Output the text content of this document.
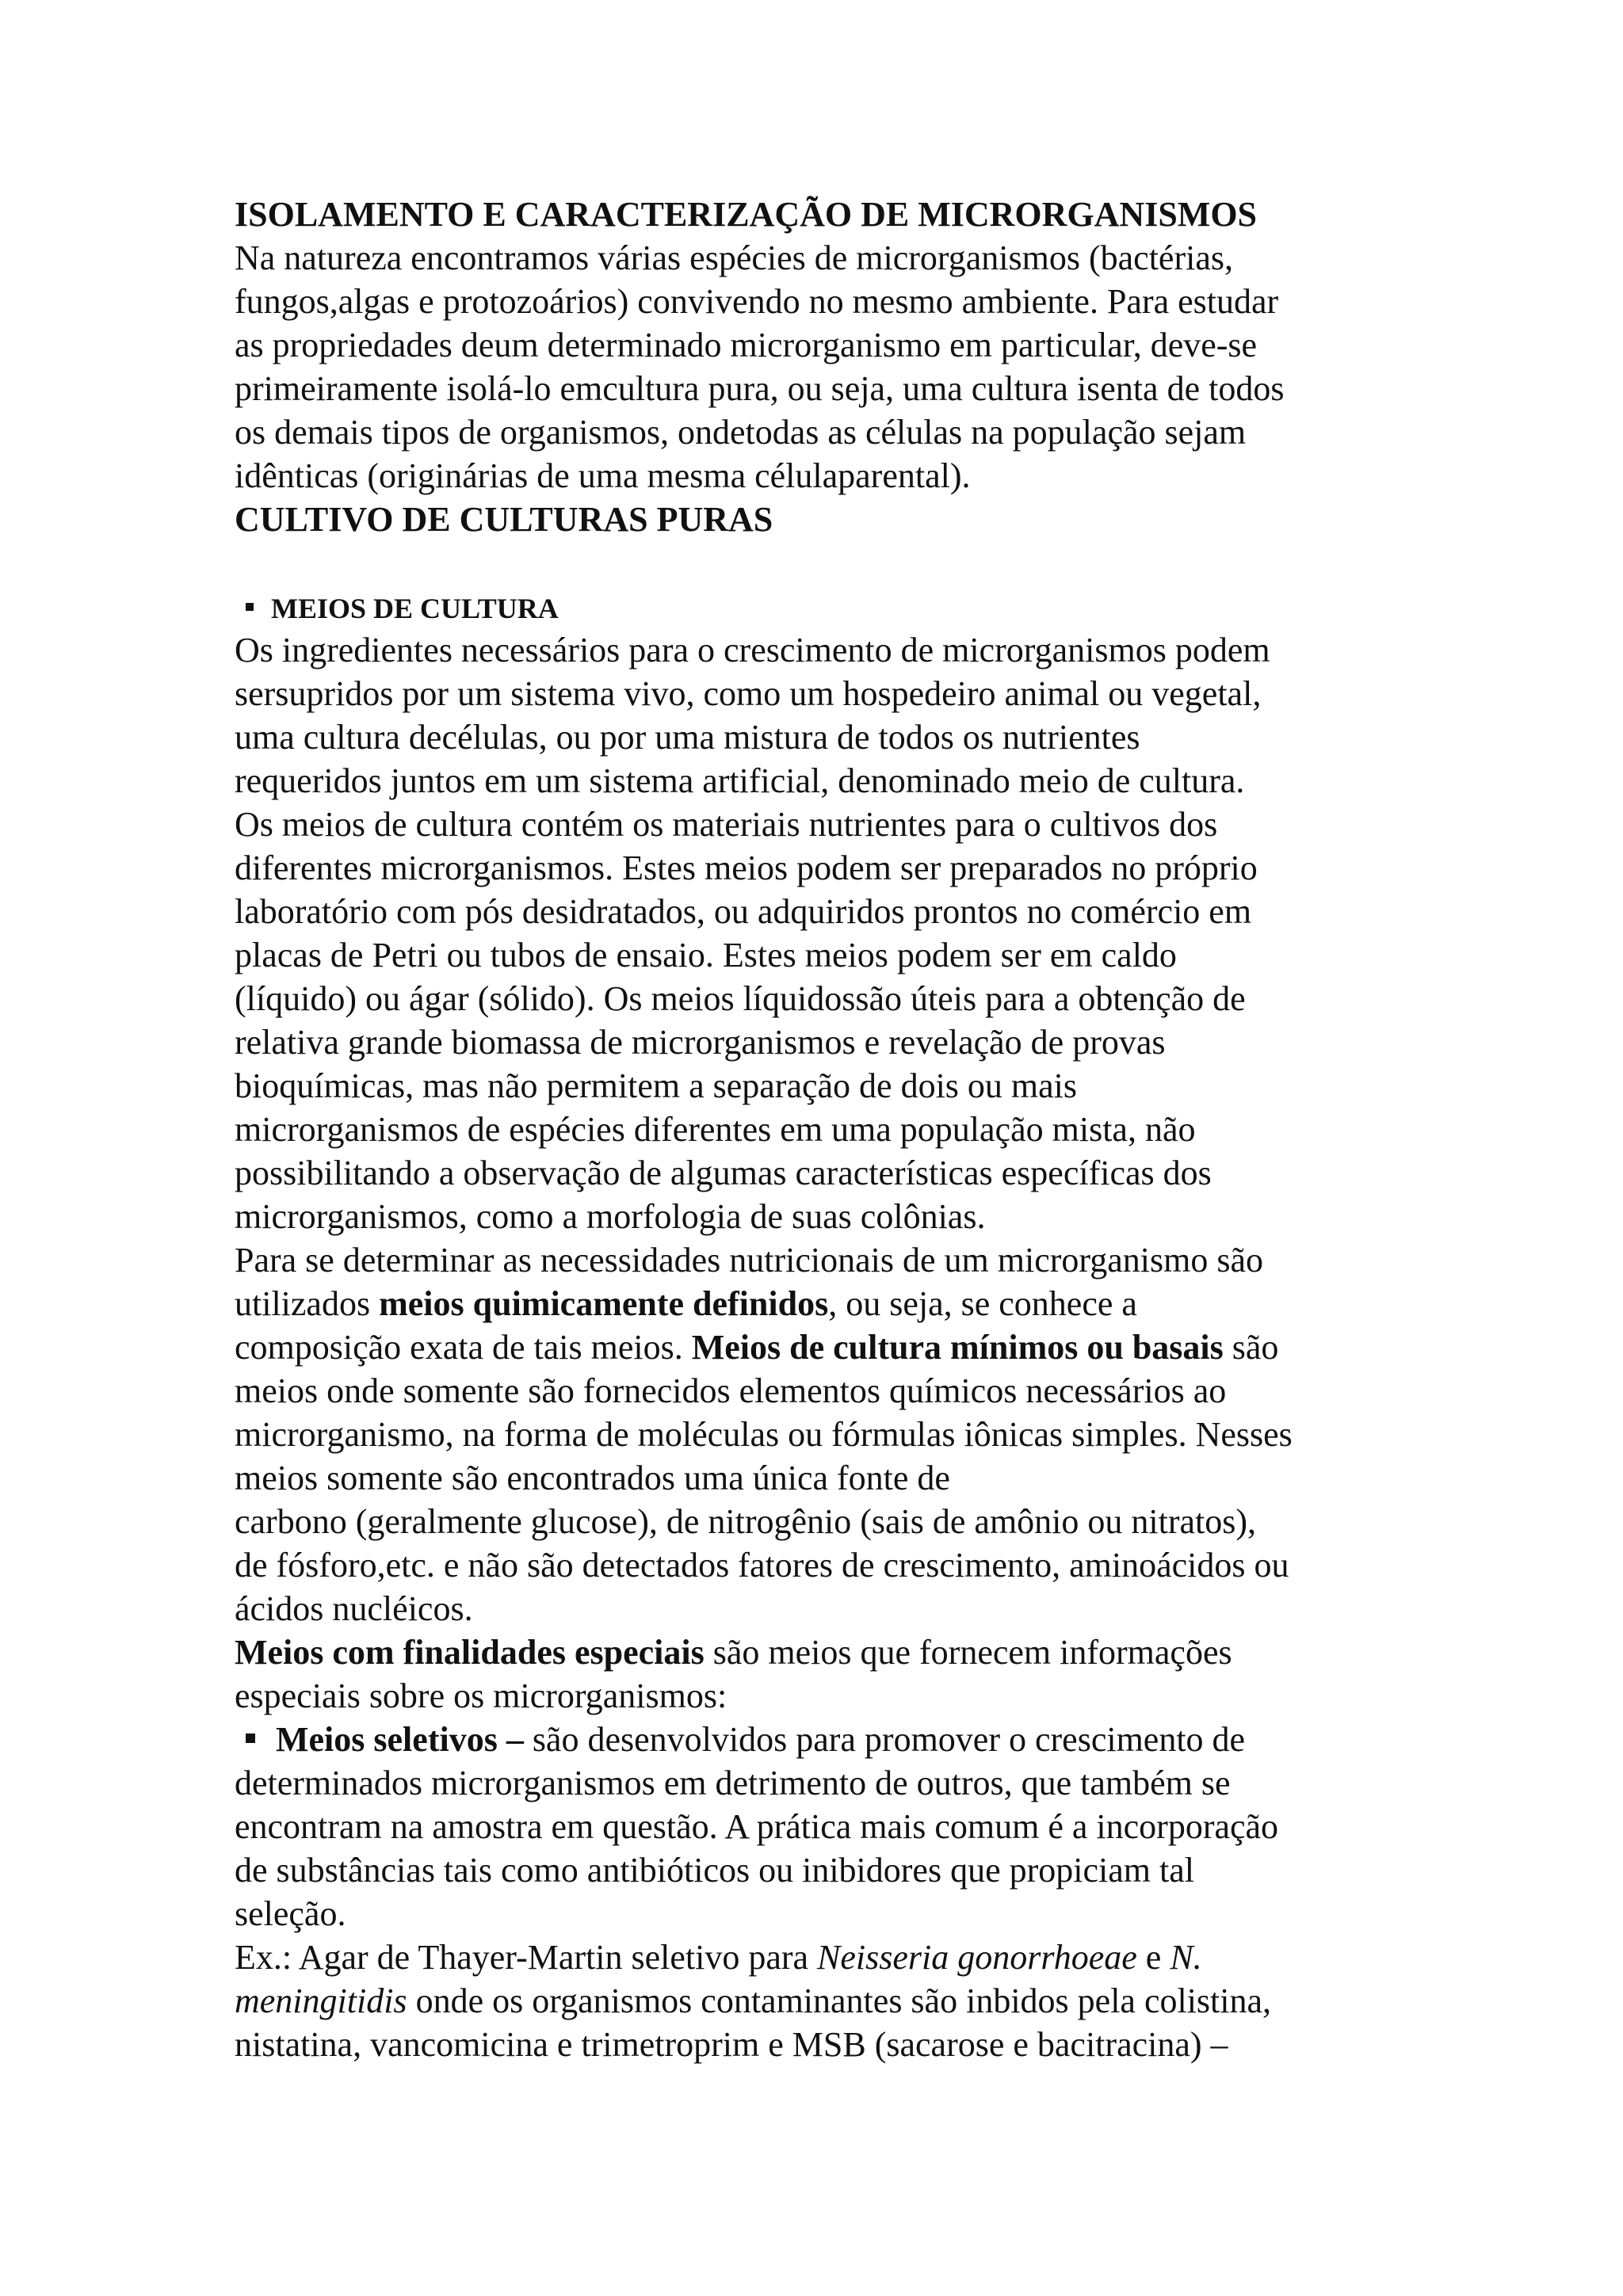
ISOLAMENTO E CARACTERIZAÇÃO DE MICRORGANISMOS
Na natureza encontramos várias espécies de microrganismos (bactérias,
fungos,algas e protozoários) convivendo no mesmo ambiente. Para estudar
as propriedades deum determinado microrganismo em particular, deve-se
primeiramente isolá-lo emcultura pura, ou seja, uma cultura isenta de todos
os demais tipos de organismos, ondetodas as células na população sejam
idênticas (originárias de uma mesma célulaparental).
CULTIVO DE CULTURAS PURAS
MEIOS DE CULTURA
Os ingredientes necessários para o crescimento de microrganismos podem
sersupridos por um sistema vivo, como um hospedeiro animal ou vegetal,
uma cultura decélulas, ou por uma mistura de todos os nutrientes
requeridos juntos em um sistema artificial, denominado meio de cultura.
Os meios de cultura contém os materiais nutrientes para o cultivos dos
diferentes microrganismos. Estes meios podem ser preparados no próprio
laboratório com pós desidratados, ou adquiridos prontos no comércio em
placas de Petri ou tubos de ensaio. Estes meios podem ser em caldo
(líquido) ou ágar (sólido). Os meios líquidossão úteis para a obtenção de
relativa grande biomassa de microrganismos e revelação de provas
bioquímicas, mas não permitem a separação de dois ou mais
microrganismos de espécies diferentes em uma população mista, não
possibilitando a observação de algumas características específicas dos
microrganismos, como a morfologia de suas colônias.
Para se determinar as necessidades nutricionais de um microrganismo são
utilizados meios quimicamente definidos, ou seja, se conhece a
composição exata de tais meios. Meios de cultura mínimos ou basais são
meios onde somente são fornecidos elementos químicos necessários ao
microrganismo, na forma de moléculas ou fórmulas iônicas simples. Nesses
meios somente são encontrados uma única fonte de
carbono (geralmente glucose), de nitrogênio (sais de amônio ou nitratos),
de fósforo,etc. e não são detectados fatores de crescimento, aminoácidos ou
ácidos nucléicos.
Meios com finalidades especiais são meios que fornecem informações
especiais sobre os microrganismos:
Meios seletivos – são desenvolvidos para promover o crescimento de
determinados microrganismos em detrimento de outros, que também se
encontram na amostra em questão. A prática mais comum é a incorporação
de substâncias tais como antibióticos ou inibidores que propiciam tal
seleção.
Ex.: Agar de Thayer-Martin seletivo para Neisseria gonorrhoeae e N.
meningitidis onde os organismos contaminantes são inbidos pela colistina,
nistatina, vancomicina e trimetroprim e MSB (sacarose e bacitracina) –
